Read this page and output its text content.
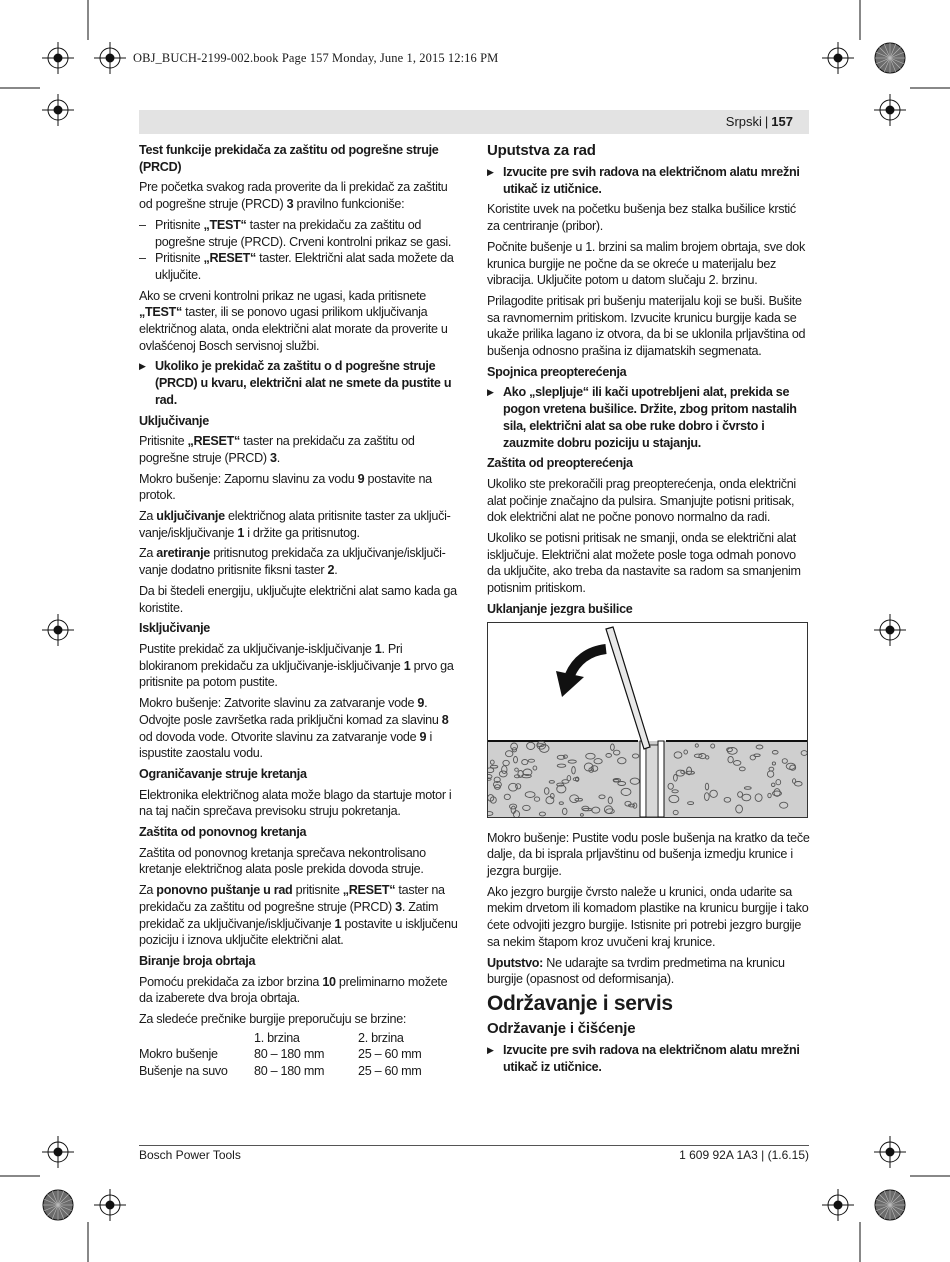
OBJ_BUCH-2199-002.book Page 157 Monday, June 1, 2015 12:16 PM
Srpski | 157

Test funkcije prekidača za zaštitu od pogrešne struje (PRCD)

Pre početka svakog rada proverite da li prekidač za zaštitu od pogrešne struje (PRCD) 3 pravilno funkcioniše:

– Pritisnite „TEST“ taster na prekidaču za zaštitu od pogrešne struje (PRCD). Crveni kontrolni prikaz se gasi.
– Pritisnite „RESET“ taster. Električni alat sada možete da uključite.

Ako se crveni kontrolni prikaz ne ugasi, kada pritisnete „TEST“ taster, ili se ponovo ugasi prilikom uključivanja električnog alata, onda električni alat morate da proverite u ovlašćenoj Bosch servisnoj službi.

▶ Ukoliko je prekidač za zaštitu o d pogrešne struje (PRCD) u kvaru, električni alat ne smete da pustite u rad.

Uključivanje

Pritisnite „RESET“ taster na prekidaču za zaštitu od pogrešne struje (PRCD) 3.

Mokro bušenje: Zapornu slavinu za vodu 9 postavite na protok.

Za uključivanje električnog alata pritisnite taster za uključi-vanje/isključivanje 1 i držite ga pritisnutog.

Za aretiranje pritisnutog prekidača za uključivanje/isključi-vanje dodatno pritisnite fiksni taster 2.

Da bi štedeli energiju, uključujte električni alat samo kada ga koristite.

Isključivanje

Pustite prekidač za uključivanje-isključivanje 1. Pri blokiranom prekidaču za uključivanje-isključivanje 1 prvo ga pritisnite pa potom pustite.

Mokro bušenje: Zatvorite slavinu za zatvaranje vode 9. Odvojte posle završetka rada priključni komad za slavinu 8 od dovoda vode. Otvorite slavinu za zatvaranje vode 9 i ispustite zaostalu vodu.

Ograničavanje struje kretanja

Elektronika električnog alata može blago da startuje motor i na taj način sprečava previsoku struju pokretanja.

Zaštita od ponovnog kretanja

Zaštita od ponovnog kretanja sprečava nekontrolisano kretanje električnog alata posle prekida dovoda struje.

Za ponovno puštanje u rad pritisnite „RESET“ taster na prekidaču za zaštitu od pogrešne struje (PRCD) 3. Zatim prekidač za uključivanje/isključivanje 1 postavite u isključenu poziciju i iznova uključite električni alat.

Biranje broja obrtaja

Pomoću prekidača za izbor brzina 10 preliminarno možete da izaberete dva broja obrtaja.

Za sledeće prečnike burgije preporučuju se brzine:

	1. brzina	2. brzina
Mokro bušenje	80 – 180 mm	25 – 60 mm
Bušenje na suvo	80 – 180 mm	25 – 60 mm

Uputstva za rad

▶ Izvucite pre svih radova na električnom alatu mrežni utikač iz utičnice.

Koristite uvek na početku bušenja bez stalka bušilice krstić za centriranje (pribor).

Počnite bušenje u 1. brzini sa malim brojem obrtaja, sve dok krunica burgije ne počne da se okreće u materijalu bez vibracija. Uključite potom u datom slučaju 2. brzinu.

Prilagodite pritisak pri bušenju materijalu koji se buši. Bušite sa ravnomernim pritiskom. Izvucite krunicu burgije kada se ukaže prilika lagano iz otvora, da bi se uklonila prljavština od bušenja odnosno prašina iz dijamatskih segmenata.

Spojnica preopterećenja

▶ Ako „slepljuje“ ili kači upotrebljeni alat, prekida se pogon vretena bušilice. Držite, zbog pritom nastalih sila, električni alat sa obe ruke dobro i čvrsto i zauzmite dobru poziciju u stajanju.

Zaštita od preopterećenja

Ukoliko ste prekoračili prag preopterećenja, onda električni alat počinje značajno da pulsira. Smanjujte potisni pritisak, dok električni alat ne počne ponovo normalno da radi.

Ukoliko se potisni pritisak ne smanji, onda se električni alat isključuje. Električni alat možete posle toga odmah ponovo da uključite, ako treba da nastavite sa radom sa smanjenim potisnim pritiskom.

Uklanjanje jezgra bušilice

Mokro bušenje: Pustite vodu posle bušenja na kratko da teče dalje, da bi isprala prljavštinu od bušenja izmedju krunice i jezgra burgije.

Ako jezgro burgije čvrsto naleže u krunici, onda udarite sa mekim drvetom ili komadom plastike na krunicu burgije i tako ćete odvojiti jezgro burgije. Istisnite pri potrebi jezgro burgije sa nekim štapom kroz uvučeni kraj krunice.

Uputstvo: Ne udarajte sa tvrdim predmetima na krunicu burgije (opasnost od deformisanja).

Održavanje i servis

Održavanje i čišćenje

▶ Izvucite pre svih radova na električnom alatu mrežni utikač iz utičnice.
Bosch Power Tools	1 609 92A 1A3 | (1.6.15)
